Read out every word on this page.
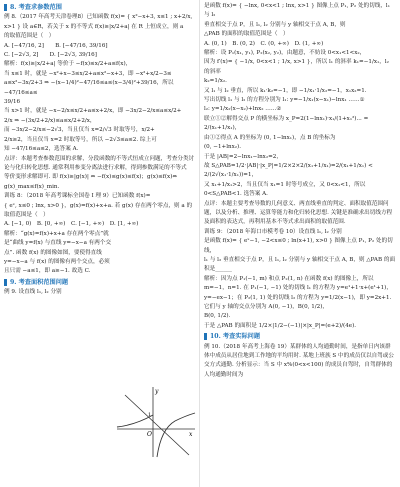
8. 考查求参数范围

例 8.（2017 年高考天津卷理8）已知函数 f(x)= { x²−x+3, x≤1 ; x+2/x, x>1 } 设 a∈R，若关于 x 的不等式 f(x)≥|x/2+a| 在 R 上恒成立，则 a

的取值范围是（　）

A. [−47/16, 2]　　B. [−47/16, 39/16]

C. [−2√3, 2]　　D. [−2√3, 39/16]

解析：f(x)≥|x/2+a| 等价于 −f(x)≤x/2+a≤f(x)，

当 x≤1 时，就是 −x²+x−3≤x/2+a≤x²−x+3，即 −x²+x/2−3≤

a≤x²−3x/2+3 ⇒ −(x−1/4)²−47/16≤a≤(x−3/4)²+39/16，所以 −47/16≤a≤

39/16

当 x>1 时，就是 −x−2/x≤x/2+a≤x+2/x，即 −3x/2−2/x≤a≤x/2+

2/x ⇒ −(3x/2+2/x)≤a≤x/2+2/x，

而 −3x/2−2/x≤−2√3，当且仅当 x=2/√3 时取等号，x/2+

2/x≥2，当且仅当 x=2 时取等号，所以 −2√3≤a≤2. 综上可

知 −47/16≤a≤2，选答案 A.

点评：本题考查参数范围的求解，分段函数的不等式恒成立问题，考查分类讨论与化归转化思想. 通常利用参变分离法进行求解，得到参数满足的不等式

等价变形求解即可. 即 f(x)≥|g(x)| ⇔ −f(x)≤g(x)≤f(x)；g(x)≤f(x)⇔ g(x)_max≤f(x)_min.

训练 8：（2018 年高考课标全国卷 I 理 9）已知函数 f(x)=

{ eˣ, x≤0 ; lnx, x>0 }，g(x)=f(x)+x+a. 若 g(x) 存在两个零点，则 a 的取值范围是（　）

A. [−1, 0)　B. [0, +∞)　C. [−1, +∞)　D. [1, +∞)

解析：“g(x)=f(x)+x+a 存在两个零点”就是“曲线 y=f(x) 与直线 y=−x−a 有两个交点”. 函数 f(x) 的图像如图，要使得直线 y=−x−a 与 f(x) 的图像有两个交点，必须且只需 −a≤1，即 a≥−1. 故选 C.

9. 考查面积范围问题

例 9. 设直线 l₁, l₂ 分别

y
x
O
1

是函数 f(x)= { −lnx, 0<x<1 ; lnx, x>1 } 图像上点 P₁, P₂ 处的切线，l₁ 与 l₂

垂直相交于点 P，且 l₁, l₂ 分别与 y 轴相交于点 A, B，则

△PAB 的面积的取值范围是（　）

A. (0, 1)　B. (0, 2)　C. (0, +∞)　D. (1, +∞)

解析：设 P₁(x₁, y₁), P₂(x₂, y₂)，由题意，不妨设 0<x₁<1<x₂，

因为 f′(x)= { −1/x, 0<x<1 ; 1/x, x>1 }，所以 l₁ 的斜率 k₁=−1/x₁，l₂ 的斜率

k₂=1/x₂.

又 l₁ 与 l₂ 垂直，所以 k₁·k₂=−1，即 −1/x₁·1/x₂=−1，x₁x₂=1.

写出切线 l₁ 与 l₂ 的方程分别为 l₁: y=−1/x₁(x−x₁)−lnx₁ ……①

l₂: y=1/x₂(x−x₂)+lnx₂ ……②

联立①②解得交点 P 的横坐标为 x_P=2(1−lnx₁)·x₁/(1+x₁²)... = 2/(x₁+1/x₁)，

由①②得点 A 的坐标为 (0, 1−lnx₁)，点 B 的坐标为

(0, −1+lnx₂).

于是 |AB|=2−lnx₁−lnx₂=2，

故 S△PAB=1/2·|AB|·|x_P|=1/2×2×2/(x₁+1/x₁)=2/(x₁+1/x₁) < 2/(2√(x₁·1/x₁))=1，

又 x₁+1/x₁>2，当且仅当 x₁=1 时等号成立，又 0<x₁<1，所以 0<S△PAB<1. 选答案 A.

点评：本题主要考查导数的几何意义、两直线垂直的判定、面积取值范围问题，以及分析、推理、运算等能力和化归转化思想. 关键是准确求出切线方程及面积的表达式，再利用基本不等式求出面积的取值范围.

训练 9：（2018 年海口市模考卷 10）设直线 l₁, l₂ 分别

是函数 f(x)= { eˣ−1, −2<x≤0 ; ln(x+1), x>0 } 图像上点 P₁, P₂ 处的切线，

l₁ 与 l₂ 垂直相交于点 P，且 l₁, l₂ 分别与 y 轴相交于点 A, B，则 △PAB 的面积是______

解析：因为点 P₁(−1, m) 和点 P₂(1, n) 在函数 f(x) 的图像上，所以 m=−1，n=1. 在 P₁(−1, −1) 处的切线 l₁ 的方程为 y=e¹+1·x+(e¹+1)，y=−ex−1；在 P₂(1, 1) 处的切线 l₂ 的方程为 y=1/2(x−1)，即 y=2x+1. 它们与 y 轴的交点分别为 A(0, −1)，B(0, 1/2)，

B(0, 1/2).

于是 △PAB 的面积是 1/2×|1/2−(−1)|×|x_P|=(e+2)/(4e).

10. 考查实际问题

例 10.（2018 年高考上海卷 19）某群体的人均通勤时间，是指单日内该群体中成员从居住地到工作地的平均用时. 某地上班族 S 中的成员仅以自驾或公交方式通勤. 分析显示：当 S 中 x%(0<x<100) 的成员自驾时，自驾群体的人均通勤时间为
